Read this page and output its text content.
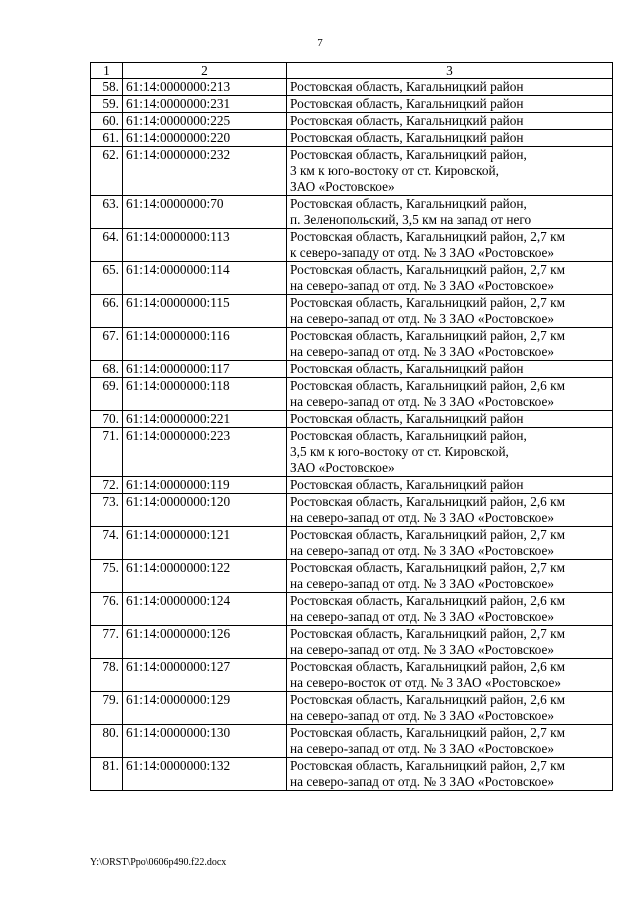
7
1	2	3
58.	61:14:0000000:213	Ростовская область, Кагальницкий район

59.	61:14:0000000:231	Ростовская область, Кагальницкий район

60.	61:14:0000000:225	Ростовская область, Кагальницкий район

61.	61:14:0000000:220	Ростовская область, Кагальницкий район

62.	61:14:0000000:232	Ростовская область, Кагальницкий район,
3 км к юго-востоку от ст. Кировской,
ЗАО «Ростовское»

63.	61:14:0000000:70	Ростовская область, Кагальницкий район,
п. Зеленопольский, 3,5 км на запад от него

64.	61:14:0000000:113	Ростовская область, Кагальницкий район, 2,7 км
к северо-западу от отд. № 3 ЗАО «Ростовское»

65.	61:14:0000000:114	Ростовская область, Кагальницкий район, 2,7 км
на северо-запад от отд. № 3 ЗАО «Ростовское»

66.	61:14:0000000:115	Ростовская область, Кагальницкий район, 2,7 км
на северо-запад от отд. № 3 ЗАО «Ростовское»

67.	61:14:0000000:116	Ростовская область, Кагальницкий район, 2,7 км
на северо-запад от отд. № 3 ЗАО «Ростовское»

68.	61:14:0000000:117	Ростовская область, Кагальницкий район

69.	61:14:0000000:118	Ростовская область, Кагальницкий район, 2,6 км
на северо-запад от отд. № 3 ЗАО «Ростовское»

70.	61:14:0000000:221	Ростовская область, Кагальницкий район

71.	61:14:0000000:223	Ростовская область, Кагальницкий район,
3,5 км к юго-востоку от ст. Кировской,
ЗАО «Ростовское»

72.	61:14:0000000:119	Ростовская область, Кагальницкий район

73.	61:14:0000000:120	Ростовская область, Кагальницкий район, 2,6 км
на северо-запад от отд. № 3 ЗАО «Ростовское»

74.	61:14:0000000:121	Ростовская область, Кагальницкий район, 2,7 км
на северо-запад от отд. № 3 ЗАО «Ростовское»

75.	61:14:0000000:122	Ростовская область, Кагальницкий район, 2,7 км
на северо-запад от отд. № 3 ЗАО «Ростовское»

76.	61:14:0000000:124	Ростовская область, Кагальницкий район, 2,6 км
на северо-запад от отд. № 3 ЗАО «Ростовское»

77.	61:14:0000000:126	Ростовская область, Кагальницкий район, 2,7 км
на северо-запад от отд. № 3 ЗАО «Ростовское»

78.	61:14:0000000:127	Ростовская область, Кагальницкий район, 2,6 км
на северо-восток от отд. № 3 ЗАО «Ростовское»

79.	61:14:0000000:129	Ростовская область, Кагальницкий район, 2,6 км
на северо-запад от отд. № 3 ЗАО «Ростовское»

80.	61:14:0000000:130	Ростовская область, Кагальницкий район, 2,7 км
на северо-запад от отд. № 3 ЗАО «Ростовское»

81.	61:14:0000000:132	Ростовская область, Кагальницкий район, 2,7 км
на северо-запад от отд. № 3 ЗАО «Ростовское»
Y:\ORST\Ppo\0606p490.f22.docx
